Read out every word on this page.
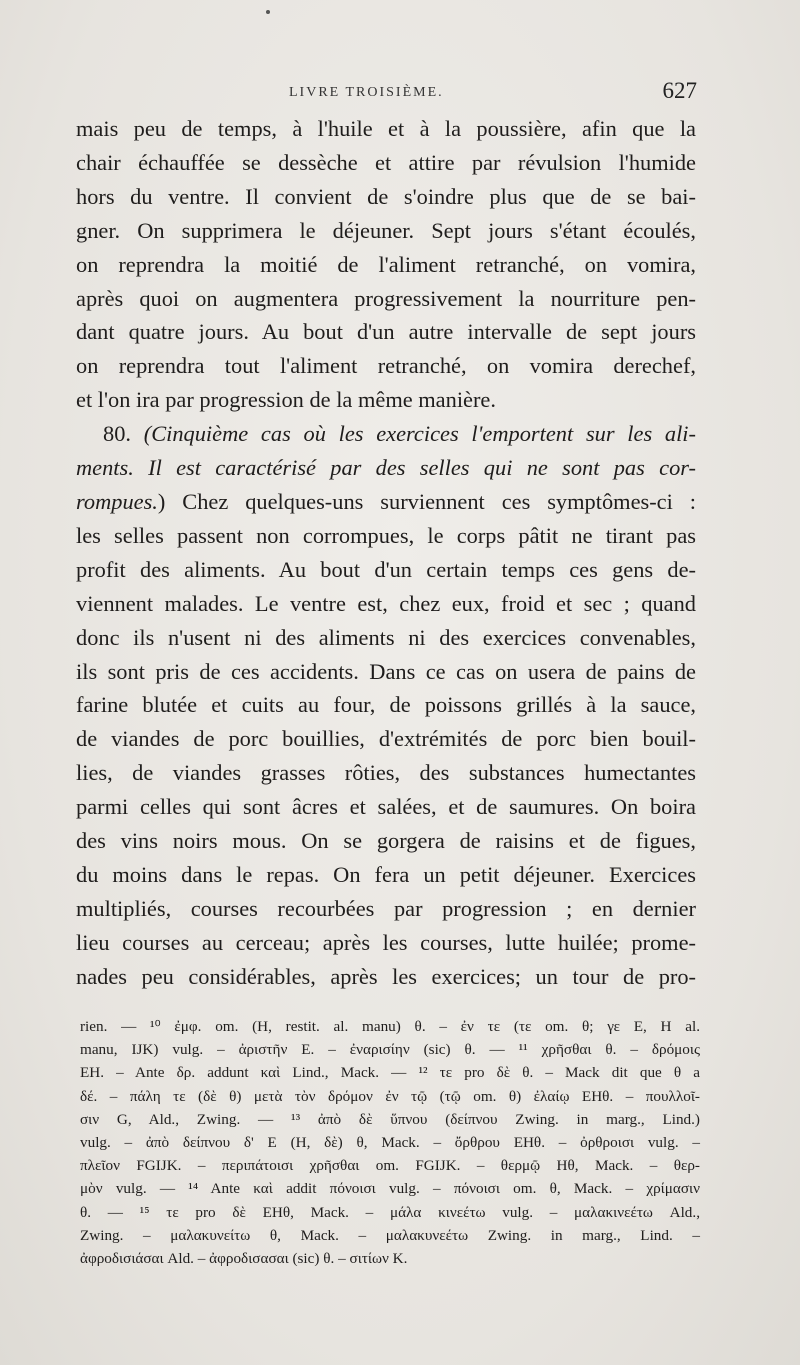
LIVRE TROISIÈME.	627
mais peu de temps, à l'huile et à la poussière, afin que la
chair échauffée se dessèche et attire par révulsion l'humide
hors du ventre. Il convient de s'oindre plus que de se bai-
gner. On supprimera le déjeuner. Sept jours s'étant écoulés,
on reprendra la moitié de l'aliment retranché, on vomira,
après quoi on augmentera progressivement la nourriture pen-
dant quatre jours. Au bout d'un autre intervalle de sept jours
on reprendra tout l'aliment retranché, on vomira derechef,
et l'on ira par progression de la même manière.
80. (Cinquième cas où les exercices l'emportent sur les ali-
ments. Il est caractérisé par des selles qui ne sont pas cor-
rompues.) Chez quelques-uns surviennent ces symptômes-ci :
les selles passent non corrompues, le corps pâtit ne tirant pas
profit des aliments. Au bout d'un certain temps ces gens de-
viennent malades. Le ventre est, chez eux, froid et sec ; quand
donc ils n'usent ni des aliments ni des exercices convenables,
ils sont pris de ces accidents. Dans ce cas on usera de pains de
farine blutée et cuits au four, de poissons grillés à la sauce,
de viandes de porc bouillies, d'extrémités de porc bien bouil-
lies, de viandes grasses rôties, des substances humectantes
parmi celles qui sont âcres et salées, et de saumures. On boira
des vins noirs mous. On se gorgera de raisins et de figues,
du moins dans le repas. On fera un petit déjeuner. Exercices
multipliés, courses recourbées par progression ; en dernier
lieu courses au cerceau; après les courses, lutte huilée; prome-
nades peu considérables, après les exercices; un tour de pro-
rien. — ¹⁰ ἐμφ. om. (H, restit. al. manu) θ. – ἐν τε (τε om. θ; γε E, H al.
manu, IJK) vulg. – ἀριστῆν E. – ἐναρισίην (sic) θ. — ¹¹ χρῆσθαι θ. – δρόμοις
EH. – Ante δρ. addunt καὶ Lind., Mack. — ¹² τε pro δὲ θ. – Mack dit que θ a
δέ. – πάλη τε (δὲ θ) μετὰ τὸν δρόμον ἐν τῷ (τῷ om. θ) ἐλαίῳ EHθ. – πουλλοῖ-
σιν G, Ald., Zwing. — ¹³ ἀπὸ δὲ ὕπνου (δείπνου Zwing. in marg., Lind.)
vulg. – ἀπὸ δείπνου δ' E (H, δὲ) θ, Mack. – ὄρθρου EHθ. – ὀρθροισι vulg. –
πλεῖον FGIJK. – περιπάτοισι χρῆσθαι om. FGIJK. – θερμῷ Hθ, Mack. – θερ-
μὸν vulg. — ¹⁴ Ante καὶ addit πόνοισι vulg. – πόνοισι om. θ, Mack. – χρίμασιν
θ. — ¹⁵ τε pro δὲ EHθ, Mack. – μάλα κινεέτω vulg. – μαλακινεέτω Ald.,
Zwing. – μαλακυνείτω θ, Mack. – μαλακυνεέτω Zwing. in marg., Lind. –
ἀφροδισιάσαι Ald. – ἀφροδισασαι (sic) θ. – σιτίων K.
